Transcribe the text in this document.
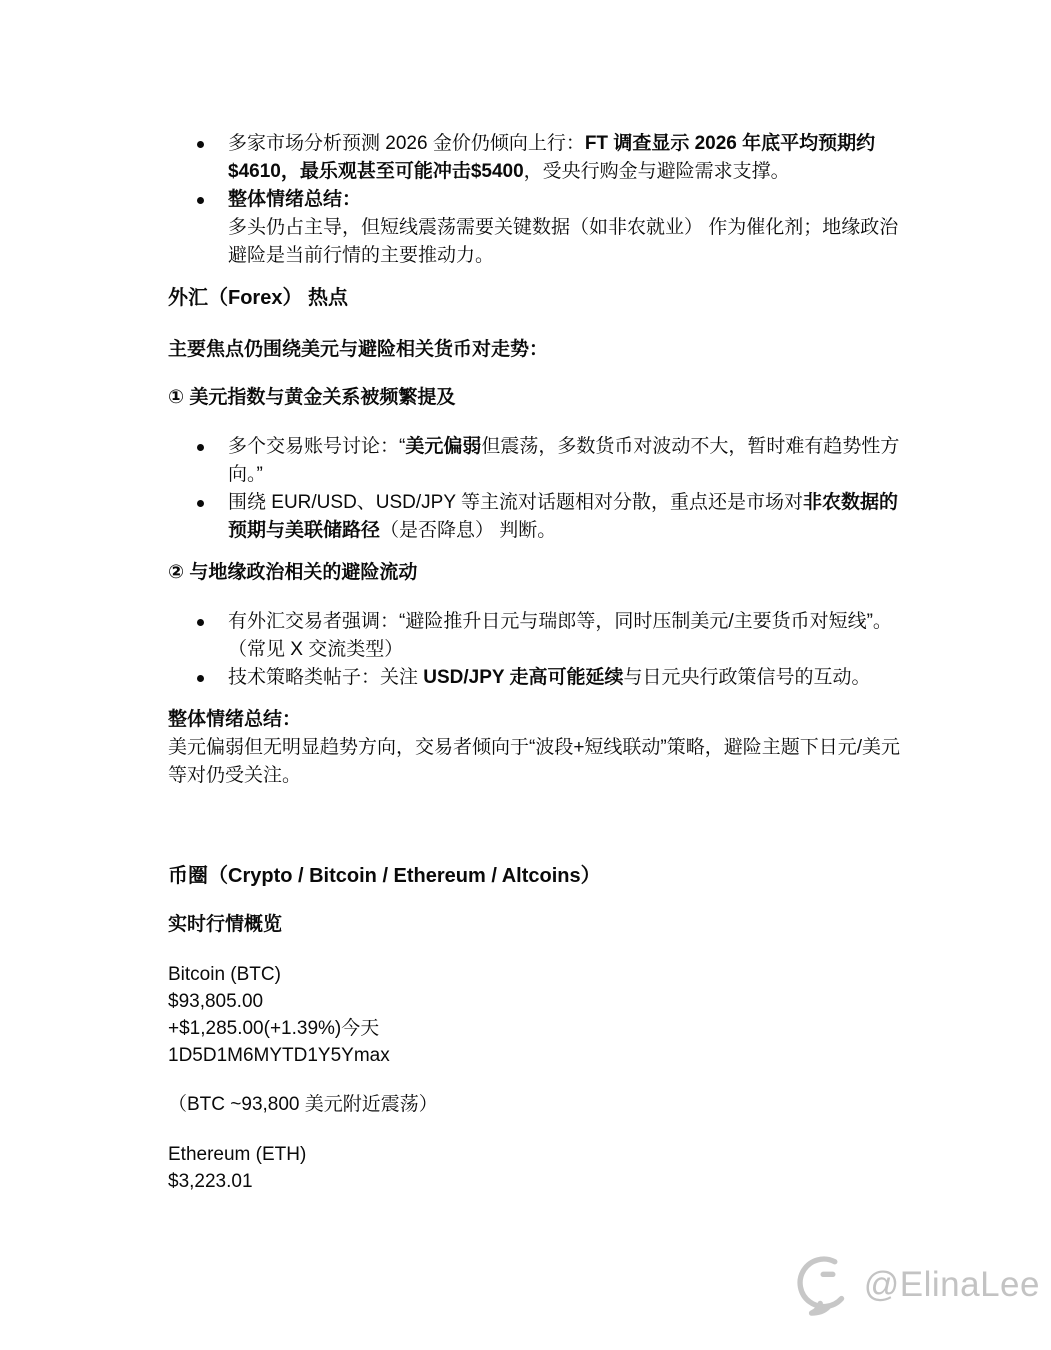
多家市场分析预测 2026 金价仍倾向上行：FT 调查显示 2026 年底平均预期约$4610，最乐观甚至可能冲击$5400，受央行购金与避险需求支撑。
整体情绪总结：
多头仍占主导，但短线震荡需要关键数据（如非农就业） 作为催化剂；地缘政治避险是当前行情的主要推动力。
外汇（Forex） 热点

主要焦点仍围绕美元与避险相关货币对走势：

① 美元指数与黄金关系被频繁提及
多个交易账号讨论：“美元偏弱但震荡，多数货币对波动不大，暂时难有趋势性方向。”
围绕 EUR/USD、USD/JPY 等主流对话题相对分散，重点还是市场对非农数据的预期与美联储路径（是否降息） 判断。
② 与地缘政治相关的避险流动
有外汇交易者强调：“避险推升日元与瑞郎等，同时压制美元/主要货币对短线”。（常见 X 交流类型）
技术策略类帖子：关注 USD/JPY 走高可能延续与日元央行政策信号的互动。

整体情绪总结：
美元偏弱但无明显趋势方向，交易者倾向于“波段+短线联动”策略，避险主题下日元/美元等对仍受关注。

币圈（Crypto / Bitcoin / Ethereum / Altcoins）

实时行情概览

Bitcoin (BTC)
$93,805.00
+$1,285.00(+1.39%)今天
1D5D1M6MYTD1Y5Ymax

（BTC ~93,800 美元附近震荡）

Ethereum (ETH)
$3,223.01

@ElinaLee
